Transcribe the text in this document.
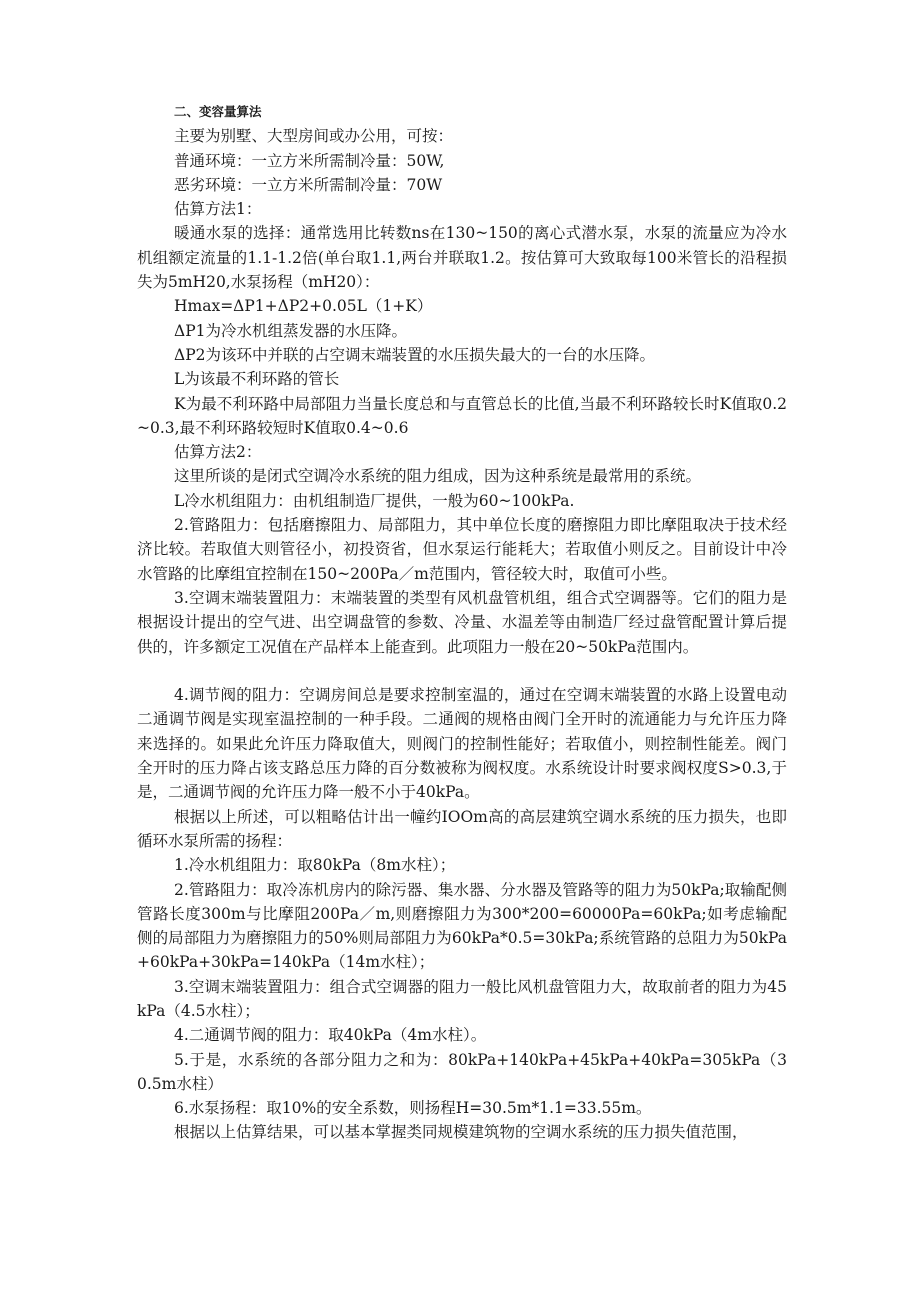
二、变容量算法

主要为别墅、大型房间或办公用，可按：

普通环境：一立方米所需制冷量：50W,

恶劣环境：一立方米所需制冷量：70W

估算方法1：

暖通水泵的选择：通常选用比转数ns在130~150的离心式潜水泵，水泵的流量应为冷水机组额定流量的1.1-1.2倍(单台取1.1,两台并联取1.2。按估算可大致取每100米管长的沿程损失为5mH20,水泵扬程（mH20）：

Hmax=ΔP1+ΔP2+0.05L（1+K）

ΔP1为冷水机组蒸发器的水压降。

ΔP2为该环中并联的占空调末端装置的水压损失最大的一台的水压降。

L为该最不利环路的管长

K为最不利环路中局部阻力当量长度总和与直管总长的比值,当最不利环路较长时K值取0.2~0.3,最不利环路较短时K值取0.4~0.6

估算方法2：

这里所谈的是闭式空调冷水系统的阻力组成，因为这种系统是最常用的系统。

L冷水机组阻力：由机组制造厂提供，一般为60~100kPa.

2.管路阻力：包括磨擦阻力、局部阻力，其中单位长度的磨擦阻力即比摩阻取决于技术经济比较。若取值大则管径小，初投资省，但水泵运行能耗大；若取值小则反之。目前设计中冷水管路的比摩组宜控制在150~200Pa／m范围内，管径较大时，取值可小些。

3.空调末端装置阻力：末端装置的类型有风机盘管机组，组合式空调器等。它们的阻力是根据设计提出的空气进、出空调盘管的参数、冷量、水温差等由制造厂经过盘管配置计算后提供的，许多额定工况值在产品样本上能查到。此项阻力一般在20~50kPa范围内。

4.调节阀的阻力：空调房间总是要求控制室温的，通过在空调末端装置的水路上设置电动二通调节阀是实现室温控制的一种手段。二通阀的规格由阀门全开时的流通能力与允许压力降来选择的。如果此允许压力降取值大，则阀门的控制性能好；若取值小，则控制性能差。阀门全开时的压力降占该支路总压力降的百分数被称为阀权度。水系统设计时要求阀权度S>0.3,于是，二通调节阀的允许压力降一般不小于40kPa。

根据以上所述，可以粗略估计出一幢约IOOm高的高层建筑空调水系统的压力损失，也即循环水泵所需的扬程：

1.冷水机组阻力：取80kPa（8m水柱）；

2.管路阻力：取冷冻机房内的除污器、集水器、分水器及管路等的阻力为50kPa;取输配侧管路长度300m与比摩阻200Pa／m,则磨擦阻力为300*200=60000Pa=60kPa;如考虑输配侧的局部阻力为磨擦阻力的50%则局部阻力为60kPa*0.5=30kPa;系统管路的总阻力为50kPa+60kPa+30kPa=140kPa（14m水柱）；

3.空调末端装置阻力：组合式空调器的阻力一般比风机盘管阻力大，故取前者的阻力为45kPa（4.5水柱）；

4.二通调节阀的阻力：取40kPa（4m水柱）。

5.于是，水系统的各部分阻力之和为：80kPa+140kPa+45kPa+40kPa=305kPa（30.5m水柱）

6.水泵扬程：取10%的安全系数，则扬程H=30.5m*1.1=33.55m。

根据以上估算结果，可以基本掌握类同规模建筑物的空调水系统的压力损失值范围，
